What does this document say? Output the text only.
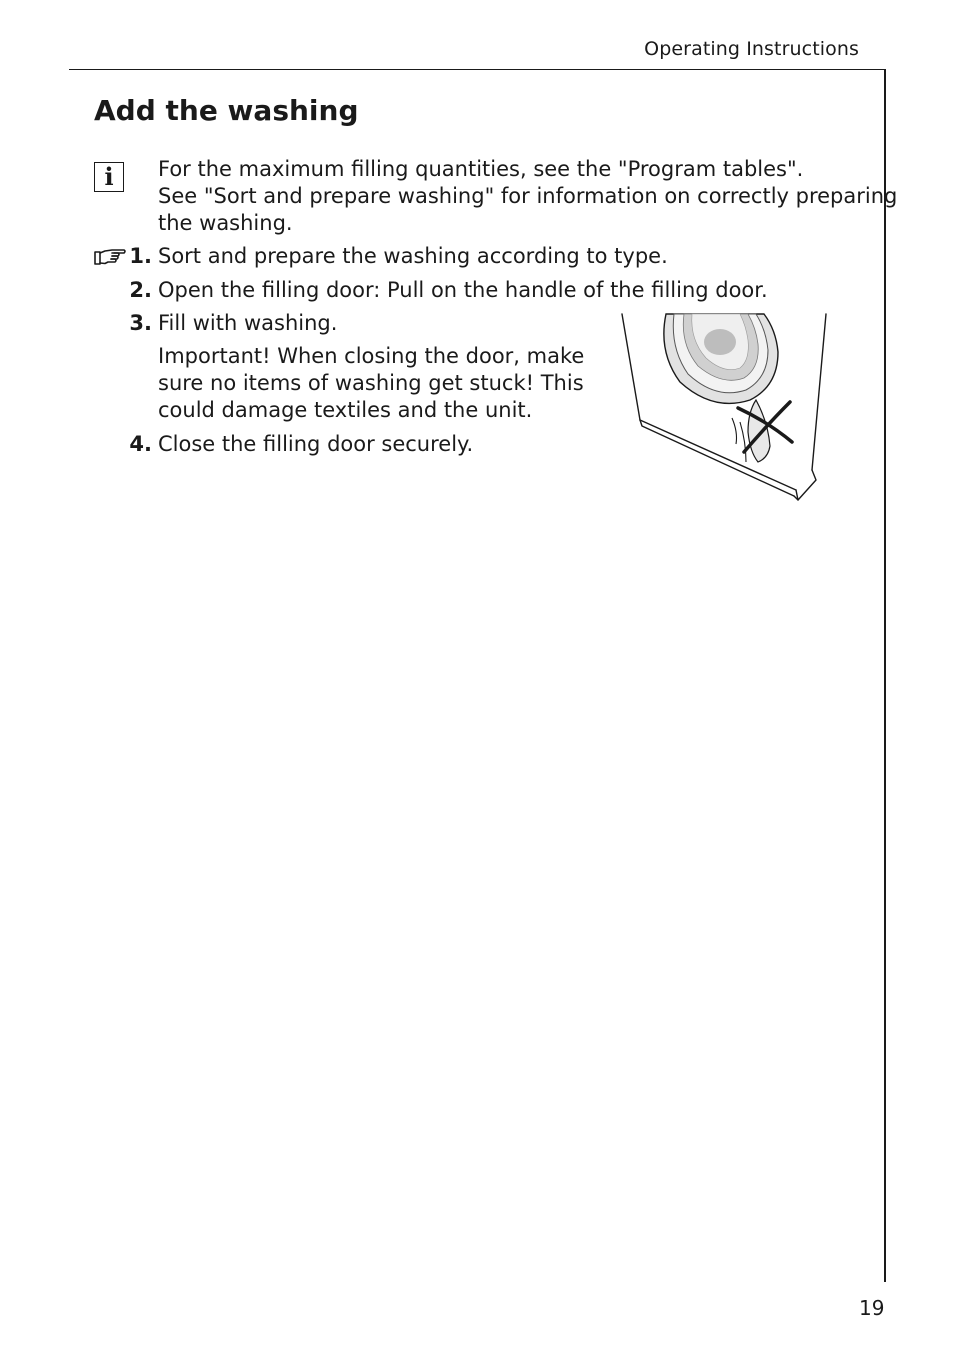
Operating Instructions
Add the washing
i	For the maximum filling quantities, see the "Program tables".
See "Sort and prepare washing" for information on correctly preparing
the washing.
1. Sort and prepare the washing according to type.
2. Open the filling door: Pull on the handle of the filling door.
3. Fill with washing.
Important! When closing the door, make
sure no items of washing get stuck! This
could damage textiles and the unit.
4. Close the filling door securely.
19
